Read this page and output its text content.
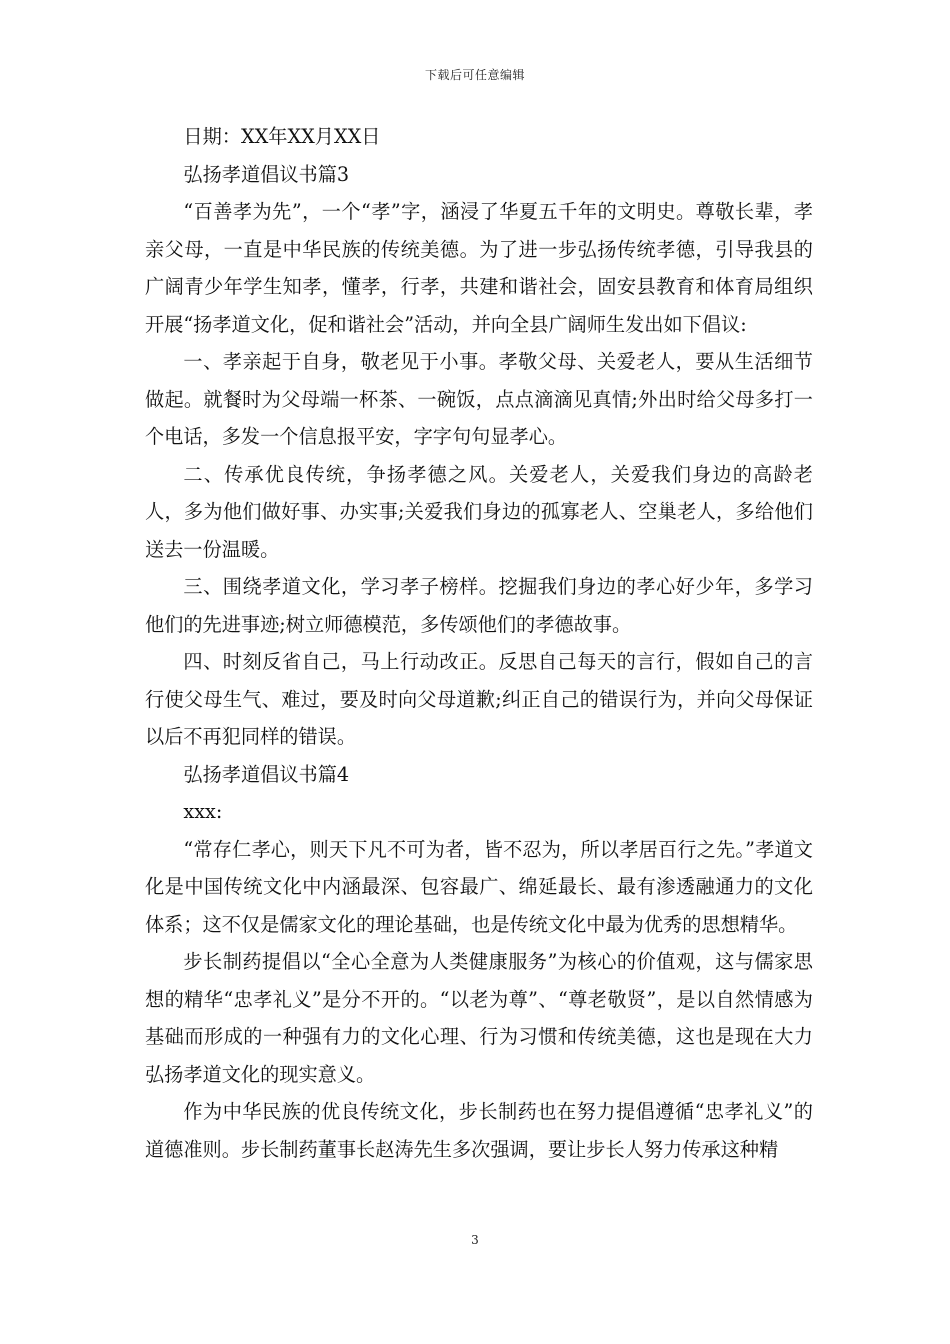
下载后可任意编辑
日期：XX年XX月XX日
弘扬孝道倡议书篇3

“百善孝为先”，一个“孝”字，涵浸了华夏五千年的文明史。尊敬长辈，孝亲父母，一直是中华民族的传统美德。为了进一步弘扬传统孝德，引导我县的广阔青少年学生知孝，懂孝，行孝，共建和谐社会，固安县教育和体育局组织开展“扬孝道文化，促和谐社会”活动，并向全县广阔师生发出如下倡议:

一、孝亲起于自身，敬老见于小事。孝敬父母、关爱老人，要从生活细节做起。就餐时为父母端一杯茶、一碗饭，点点滴滴见真情;外出时给父母多打一个电话，多发一个信息报平安，字字句句显孝心。

二、传承优良传统，争扬孝德之风。关爱老人，关爱我们身边的高龄老人，多为他们做好事、办实事;关爱我们身边的孤寡老人、空巢老人，多给他们送去一份温暖。

三、围绕孝道文化，学习孝子榜样。挖掘我们身边的孝心好少年，多学习他们的先进事迹;树立师德模范，多传颂他们的孝德故事。

四、时刻反省自己，马上行动改正。反思自己每天的言行，假如自己的言行使父母生气、难过，要及时向父母道歉;纠正自己的错误行为，并向父母保证以后不再犯同样的错误。

弘扬孝道倡议书篇4
xxx:

“常存仁孝心，则天下凡不可为者，皆不忍为，所以孝居百行之先。”孝道文化是中国传统文化中内涵最深、包容最广、绵延最长、最有渗透融通力的文化体系；这不仅是儒家文化的理论基础，也是传统文化中最为优秀的思想精华。

步长制药提倡以“全心全意为人类健康服务”为核心的价值观，这与儒家思想的精华“忠孝礼义”是分不开的。“以老为尊”、“尊老敬贤”，是以自然情感为基础而形成的一种强有力的文化心理、行为习惯和传统美德，这也是现在大力弘扬孝道文化的现实意义。

作为中华民族的优良传统文化，步长制药也在努力提倡遵循“忠孝礼义”的道德准则。步长制药董事长赵涛先生多次强调，要让步长人努力传承这种精

3
